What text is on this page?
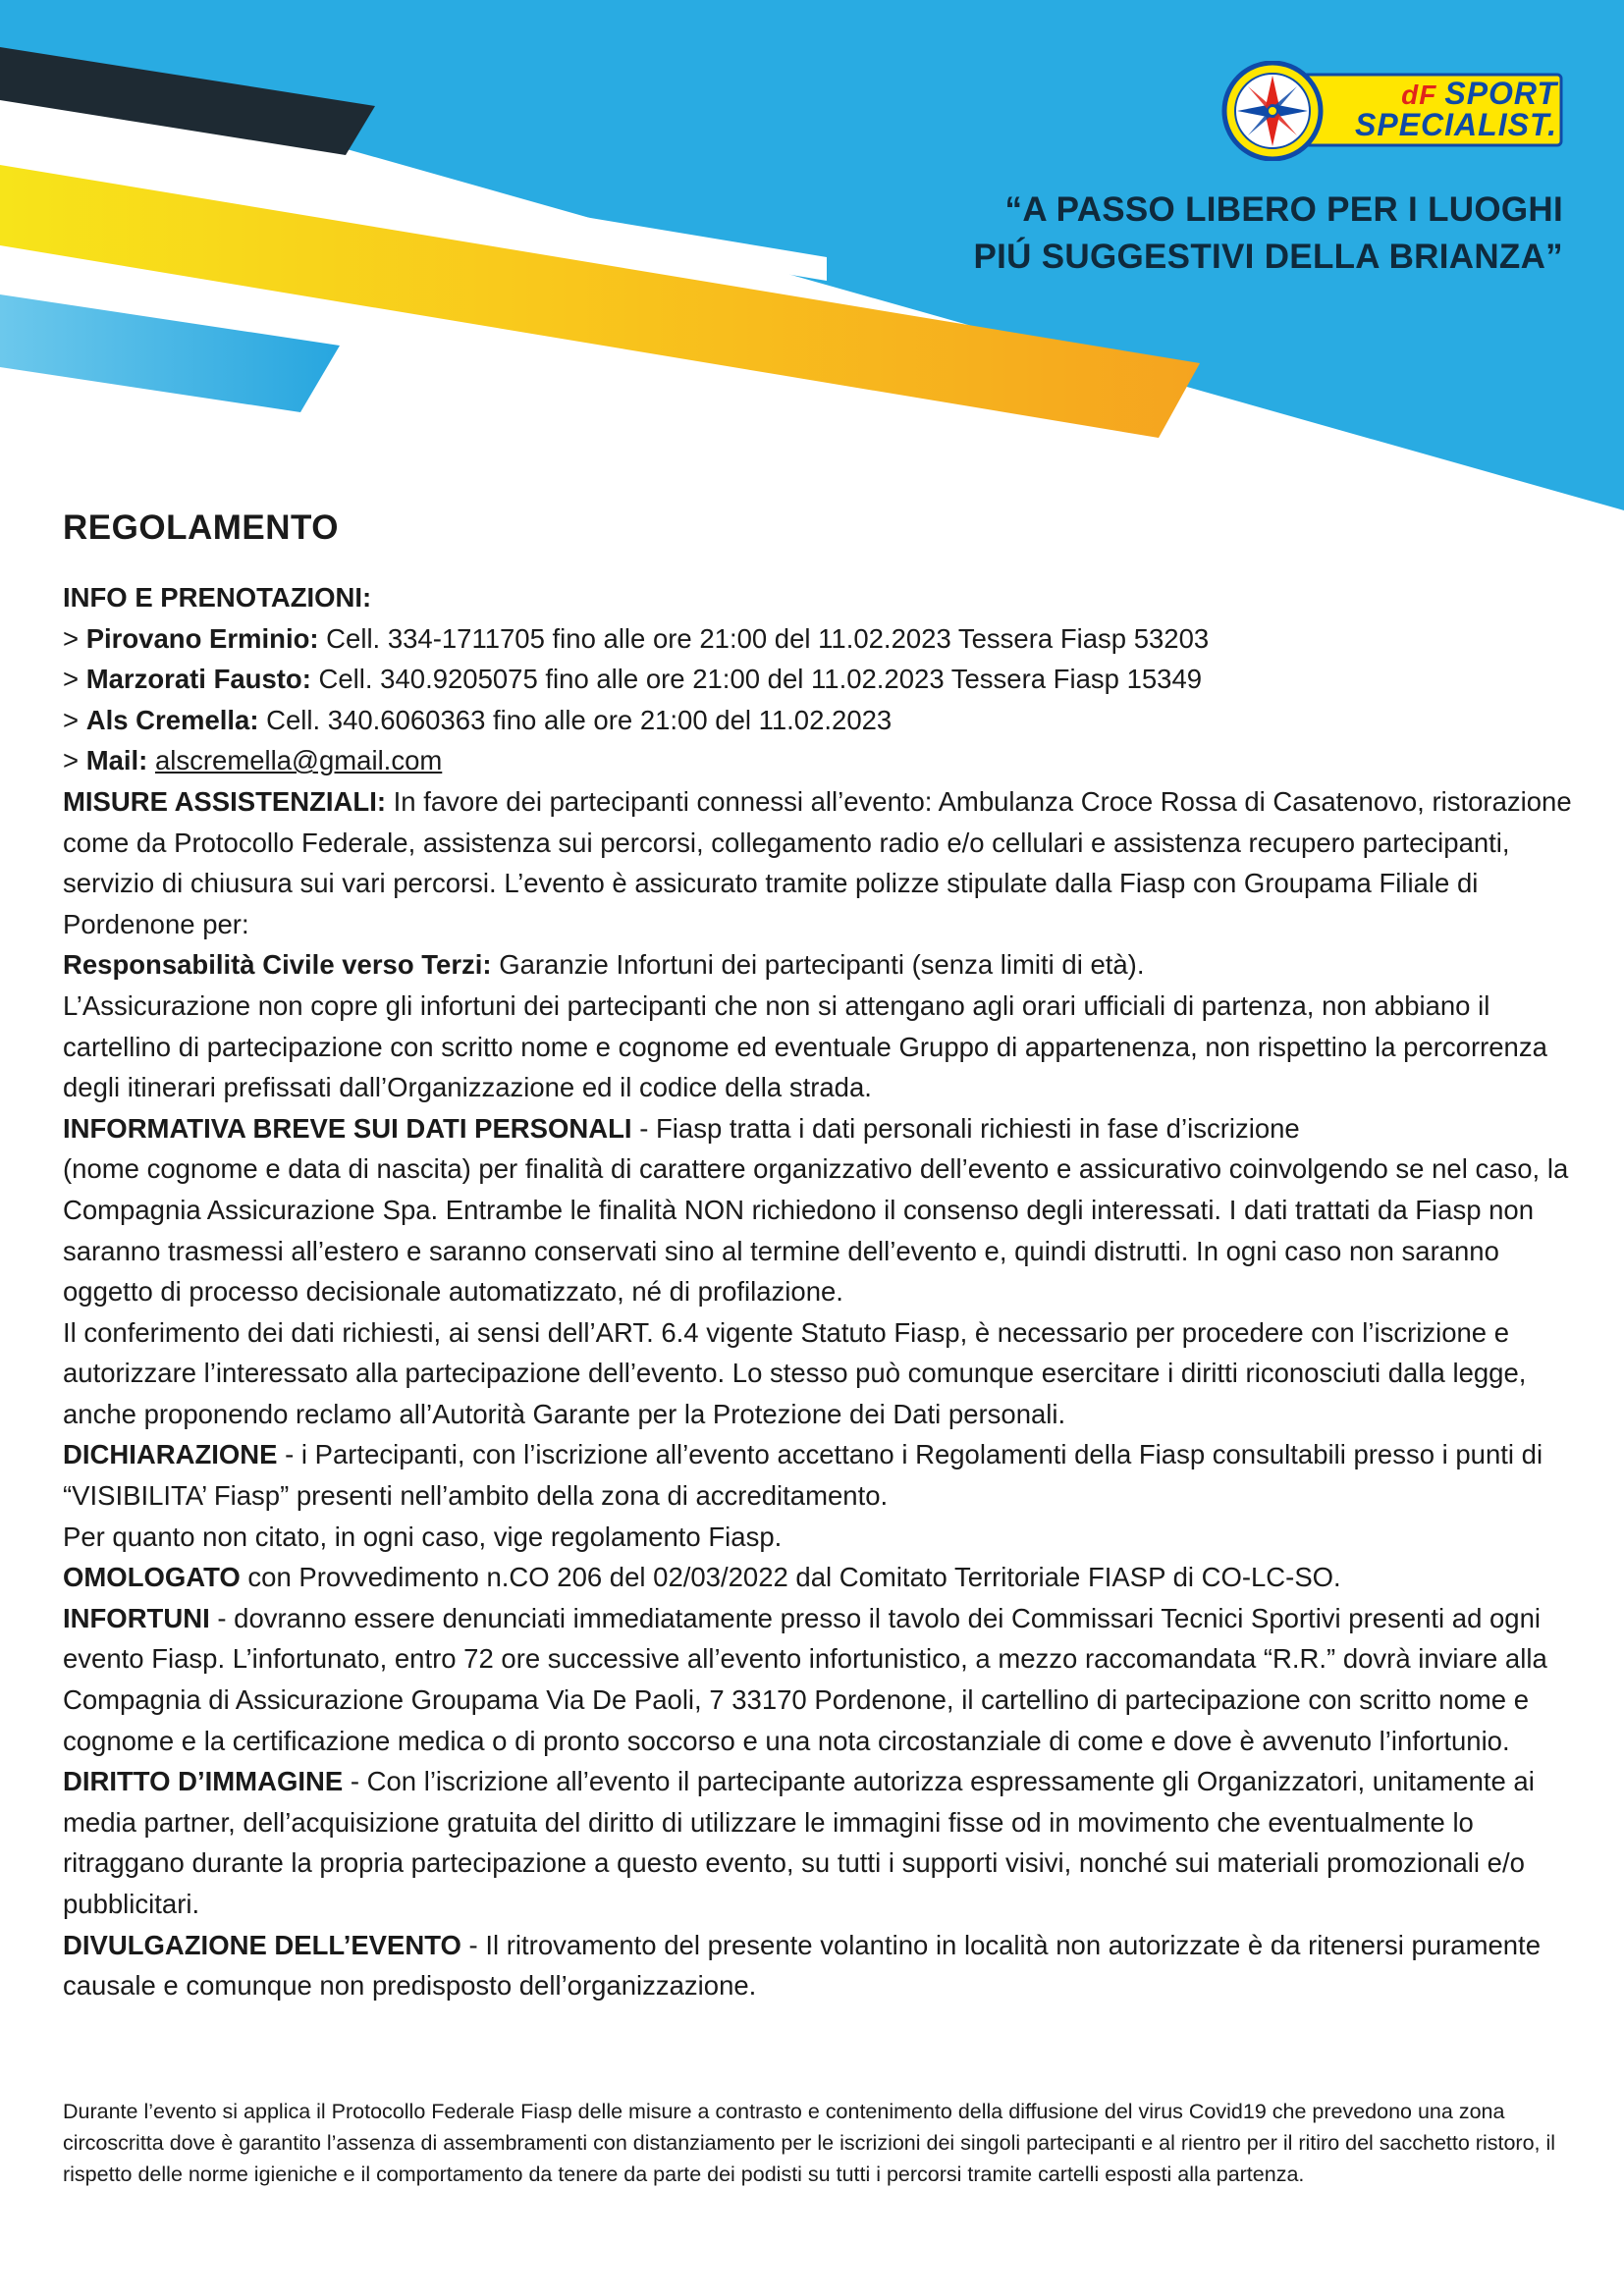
dF SPORT
SPECIALIST.
“A PASSO LIBERO PER I LUOGHI
PIÚ SUGGESTIVI DELLA BRIANZA”
REGOLAMENTO

INFO E PRENOTAZIONI:

> Pirovano Erminio: Cell. 334-1711705 fino alle ore 21:00 del 11.02.2023 Tessera Fiasp 53203

> Marzorati Fausto: Cell. 340.9205075 fino alle ore 21:00 del 11.02.2023 Tessera Fiasp 15349

> Als Cremella: Cell. 340.6060363 fino alle ore 21:00 del 11.02.2023

> Mail: alscremella@gmail.com

MISURE ASSISTENZIALI: In favore dei partecipanti connessi all’evento: Ambulanza Croce Rossa di Casatenovo, ristorazione come da Protocollo Federale, assistenza sui percorsi, collegamento radio e/o cellulari e assistenza recupero partecipanti, servizio di chiusura sui vari percorsi. L’evento è assicurato tramite polizze stipulate dalla Fiasp con Groupama Filiale di Pordenone per:

Responsabilità Civile verso Terzi: Garanzie Infortuni dei partecipanti (senza limiti di età).

L’Assicurazione non copre gli infortuni dei partecipanti che non si attengano agli orari ufficiali di partenza, non abbiano il cartellino di partecipazione con scritto nome e cognome ed eventuale Gruppo di appartenenza, non rispettino la percorrenza degli itinerari prefissati dall’Organizzazione ed il codice della strada.

INFORMATIVA BREVE SUI DATI PERSONALI - Fiasp tratta i dati personali richiesti in fase d’iscrizione

(nome cognome e data di nascita) per finalità di carattere organizzativo dell’evento e assicurativo coinvolgendo se nel caso, la Compagnia Assicurazione Spa. Entrambe le finalità NON richiedono il consenso degli interessati. I dati trattati da Fiasp non saranno trasmessi all’estero e saranno conservati sino al termine dell’evento e, quindi distrutti. In ogni caso non saranno oggetto di processo decisionale automatizzato, né di profilazione.

Il conferimento dei dati richiesti, ai sensi dell’ART. 6.4 vigente Statuto Fiasp, è necessario per procedere con l’iscrizione e autorizzare l’interessato alla partecipazione dell’evento. Lo stesso può comunque esercitare i diritti riconosciuti dalla legge, anche proponendo reclamo all’Autorità Garante per la Protezione dei Dati personali.

DICHIARAZIONE - i Partecipanti, con l’iscrizione all’evento accettano i Regolamenti della Fiasp consultabili presso i punti di “VISIBILITA’ Fiasp” presenti nell’ambito della zona di accreditamento.

Per quanto non citato, in ogni caso, vige regolamento Fiasp.

OMOLOGATO con Provvedimento n.CO 206 del 02/03/2022 dal Comitato Territoriale FIASP di CO-LC-SO.

INFORTUNI - dovranno essere denunciati immediatamente presso il tavolo dei Commissari Tecnici Sportivi presenti ad ogni evento Fiasp. L’infortunato, entro 72 ore successive all’evento infortunistico, a mezzo raccomandata “R.R.” dovrà inviare alla Compagnia di Assicurazione Groupama Via De Paoli, 7 33170 Pordenone, il cartellino di partecipazione con scritto nome e cognome e la certificazione medica o di pronto soccorso e una nota circostanziale di come e dove è avvenuto l’infortunio.

DIRITTO D’IMMAGINE - Con l’iscrizione all’evento il partecipante autorizza espressamente gli Organizzatori, unitamente ai media partner, dell’acquisizione gratuita del diritto di utilizzare le immagini fisse od in movimento che eventualmente lo ritraggano durante la propria partecipazione a questo evento, su tutti i supporti visivi, nonché sui materiali promozionali e/o pubblicitari.

DIVULGAZIONE DELL’EVENTO - Il ritrovamento del presente volantino in località non autorizzate è da ritenersi puramente causale e comunque non predisposto dell’organizzazione.

Durante l’evento si applica il Protocollo Federale Fiasp delle misure a contrasto e contenimento della diffusione del virus Covid19 che prevedono una zona circoscritta dove è garantito l’assenza di assembramenti con distanziamento per le iscrizioni dei singoli partecipanti e al rientro per il ritiro del sacchetto ristoro, il rispetto delle norme igieniche e il comportamento da tenere da parte dei podisti su tutti i percorsi tramite cartelli esposti alla partenza.
